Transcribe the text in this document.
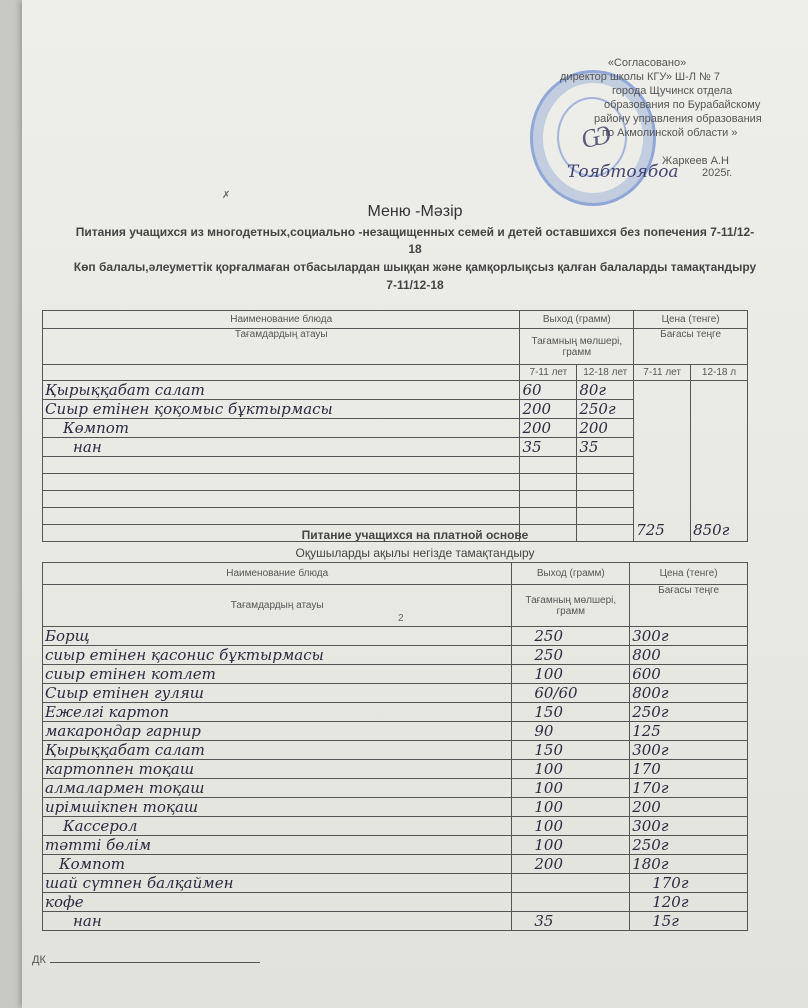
«Согласовано»
директор школы КГУ» Ш-Л № 7
города Щучинск отдела
образования по Бурабайскому
району управления образования
по Акмолинской области »
Жаркеев А.Н
2025г.
Ѡ
Тоябтоябоа
✗
Меню -Мәзір
Питания учащихся из многодетных,социально -незащищенных семей и детей оставшихся без попечения 7-11/12-18
Көп балалы,әлеуметтік қорғалмаған отбасылардан шыққан және қамқорлықсыз қалған балаларды тамақтандыру 7-11/12-18
Наименование блюда	Выход (грамм)		Цена (тенге)	
Тағамдардың атауы	Тағамның мөлшері, грамм		Бағасы теңге	
	7-11 лет	12-18 лет	7-11 лет	12-18 л
Қырыққабат салат	60	80г	725	850г
Сиыр етінен қоқомыс бұктырмасы	200	250г		
Көмпот	200	200		
нан	35	35		

Питание учащихся на платной основе
Оқушыларды ақылы негізде тамақтандыру
Наименование блюда	Выход (грамм)	Цена (тенге)
Тағамдардың атауы	Тағамның мөлшері, грамм	Бағасы теңге
Борщ	250	300г
сиыр етінен қасонис бұктырмасы	250	800
сиыр етінен котлет	100	600
Сиыр етінен гуляш	60/60	800г
Ежелгі картоп	150	250г
макарондар гарнир	90	125
Қырыққабат салат	150	300г
картоппен тоқаш	100	170
алмалармен тоқаш	100	170г
ирімшікпен тоқаш	100	200
Кассерол	100	300г
тәтті бөлім	100	250г
Компот	200	180г
шай сүтпен балқаймен		170г
кофе		120г
нан	35	15г
2
ДК
